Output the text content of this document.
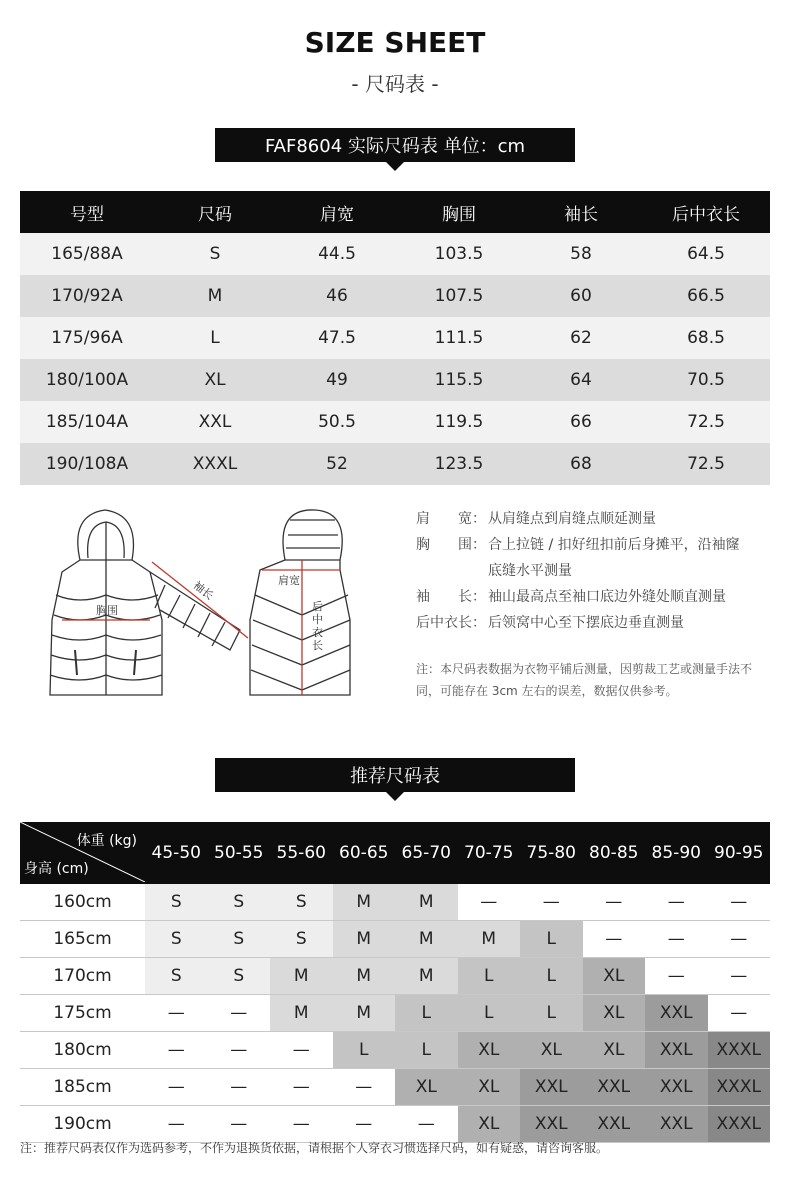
SIZE SHEET
- 尺码表 -
FAF8604 实际尺码表 单位：cm
号型	尺码	肩宽	胸围	袖长	后中衣长
165/88A	S	44.5	103.5	58	64.5
170/92A	M	46	107.5	60	66.5
175/96A	L	47.5	111.5	62	68.5
180/100A	XL	49	115.5	64	70.5
185/104A	XXL	50.5	119.5	66	72.5
190/108A	XXXL	52	123.5	68	72.5
胸围
袖长	肩宽
后中衣长
肩　　宽： 从肩缝点到肩缝点顺延测量
胸　　围： 合上拉链 / 扣好纽扣前后身摊平，沿袖窿
底缝水平测量
袖　　长： 袖山最高点至袖口底边外缝处顺直测量
后中衣长： 后领窝中心至下摆底边垂直测量
注：本尺码表数据为衣物平铺后测量，因剪裁工艺或测量手法不同，可能存在 3cm 左右的误差，数据仅供参考。
推荐尺码表
体重 (kg)
身高 (cm)	45-50	50-55	55-60	60-65	65-70	70-75	75-80	80-85	85-90	90-95
160cm	S	S	S	M	M	—	—	—	—	—
165cm	S	S	S	M	M	M	L	—	—	—
170cm	S	S	M	M	M	L	L	XL	—	—
175cm	—	—	M	M	L	L	L	XL	XXL	—
180cm	—	—	—	L	L	XL	XL	XL	XXL	XXXL
185cm	—	—	—	—	XL	XL	XXL	XXL	XXL	XXXL
190cm	—	—	—	—	—	XL	XXL	XXL	XXL	XXXL
注：推荐尺码表仅作为选码参考，不作为退换货依据，请根据个人穿衣习惯选择尺码，如有疑惑，请咨询客服。
